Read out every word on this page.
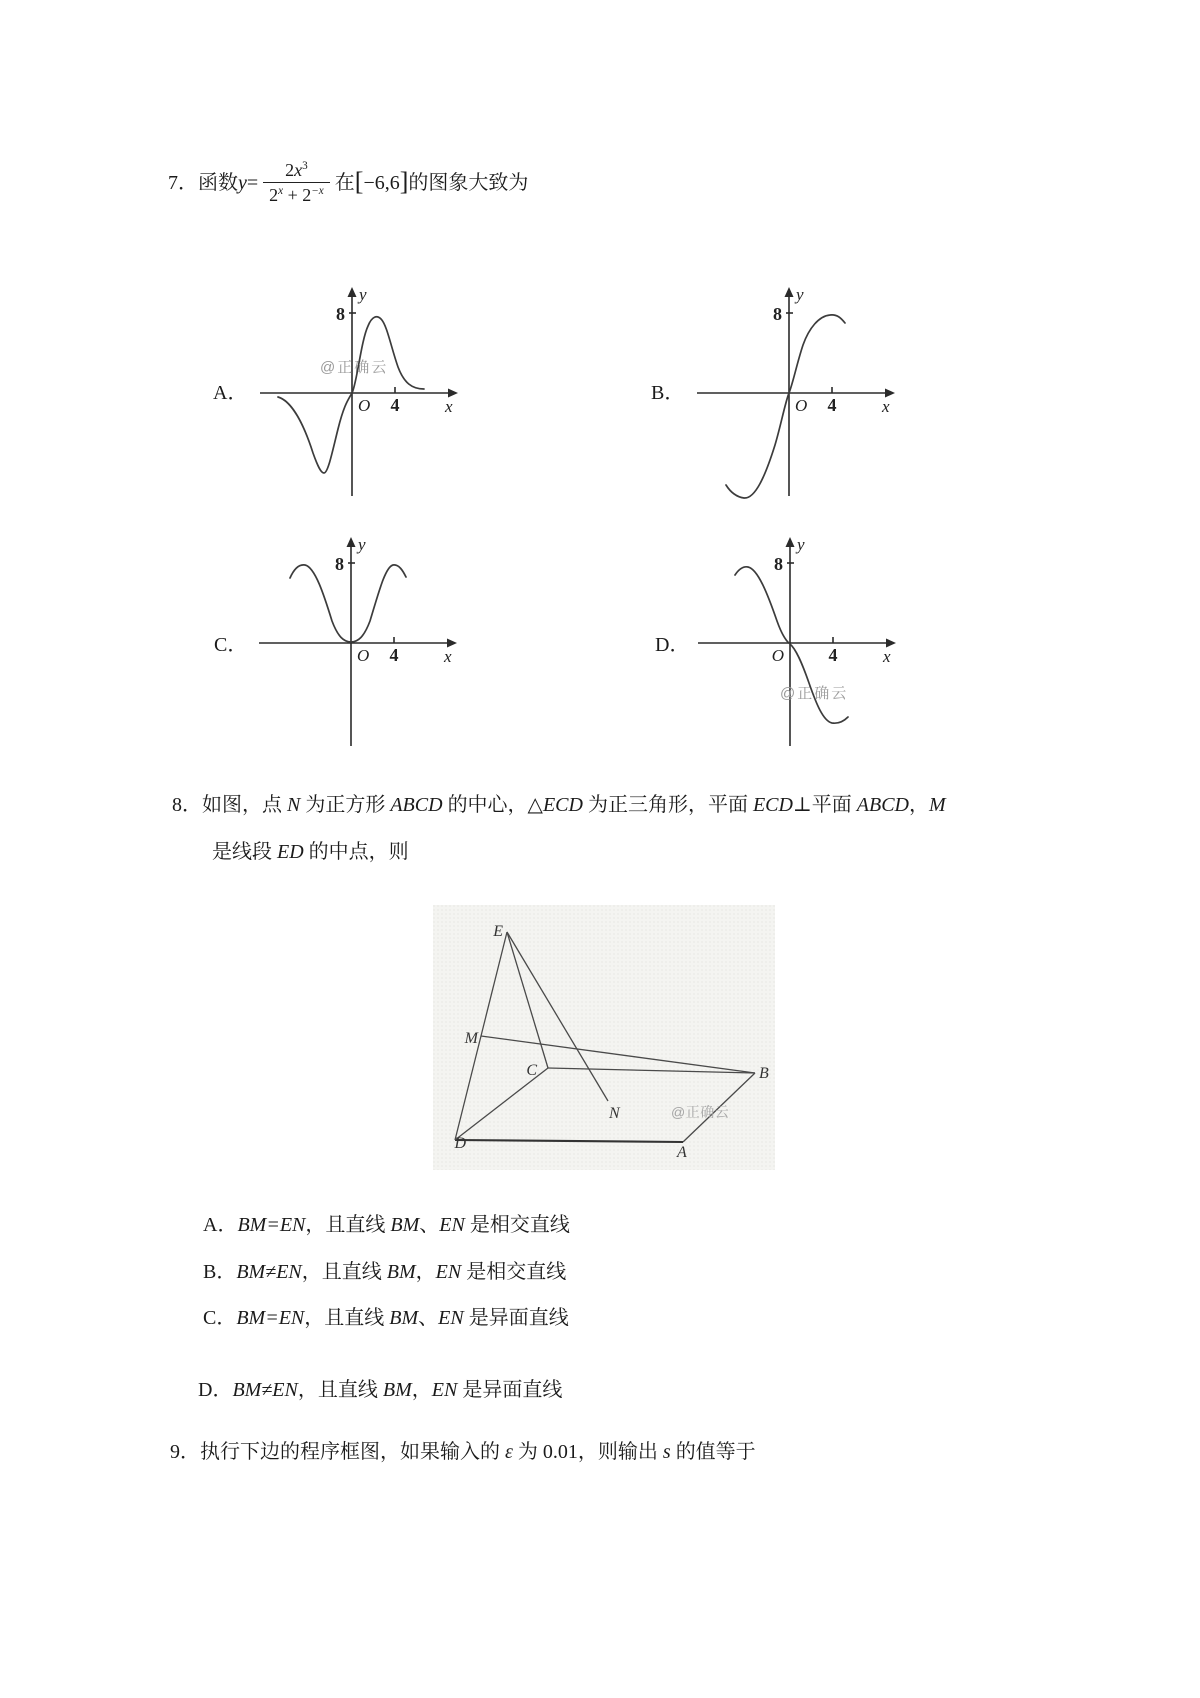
7．函数 $y = \frac{2x^3}{2^x + 2^{-x}}$ 在 [ −6,6 ] 的图象大致为
A．	B．
C．	D．
8
4
O
y
x
@正确云
8
4
O
y
x
8
4
O
y
x
8
4
O
y
x
@正确云
8．如图，点 N 为正方形 ABCD 的中心，△ECD 为正三角形，平面 ECD⊥平面 ABCD，M
是线段 ED 的中点，则
E
M
C	B
N
D
A
@正确云
A．BM=EN，且直线 BM、EN 是相交直线
B．BM≠EN，且直线 BM，EN 是相交直线
C．BM=EN，且直线 BM、EN 是异面直线
D．BM≠EN，且直线 BM，EN 是异面直线
9．执行下边的程序框图，如果输入的 ε 为 0.01，则输出 s 的值等于
